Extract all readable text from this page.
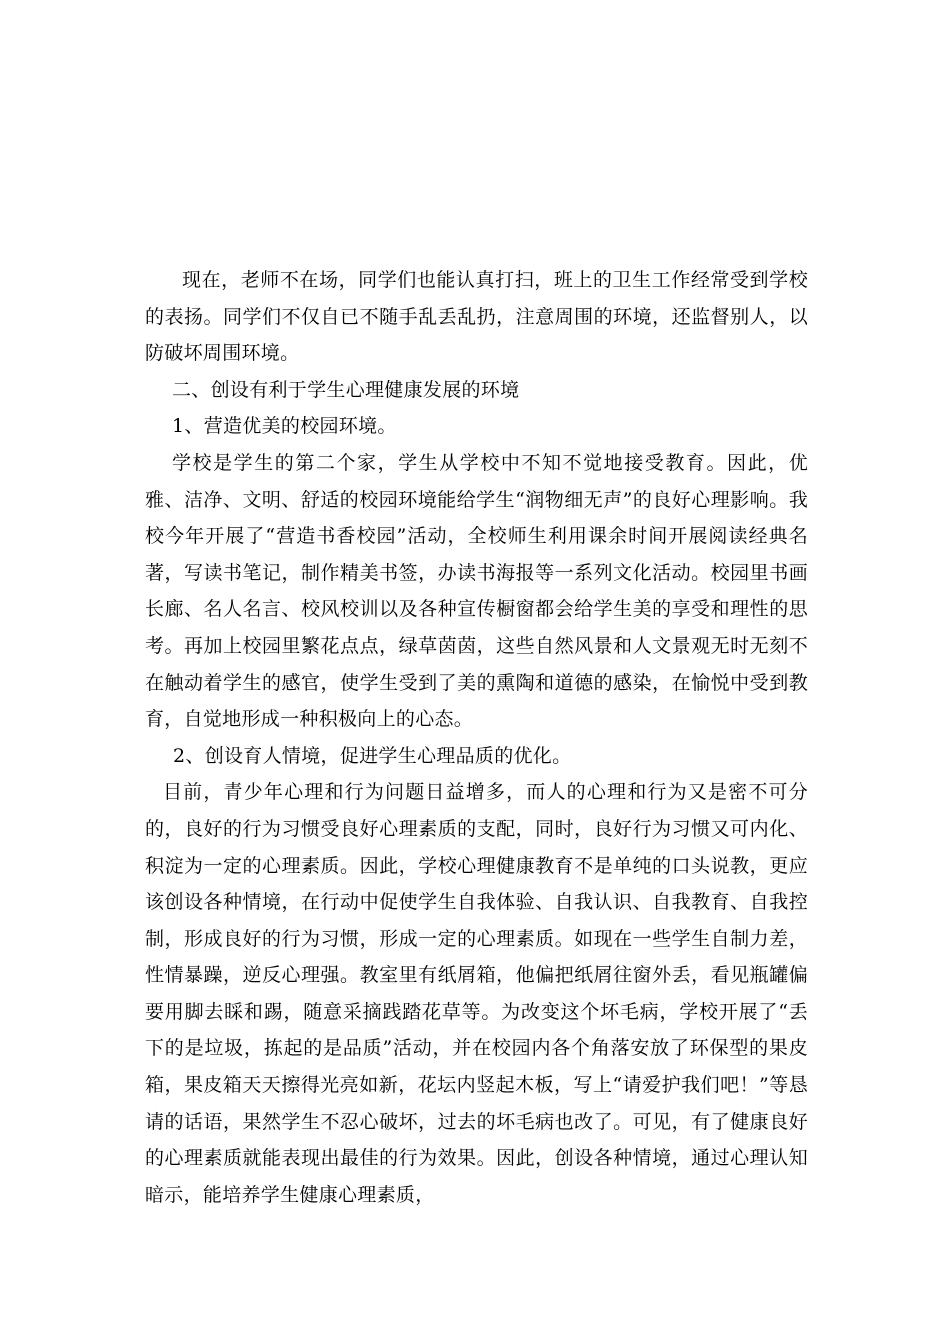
现在，老师不在场，同学们也能认真打扫，班上的卫生工作经常受到学校的表扬。同学们不仅自已不随手乱丢乱扔，注意周围的环境，还监督别人，以防破坏周围环境。

二、创设有利于学生心理健康发展的环境

1、营造优美的校园环境。

学校是学生的第二个家，学生从学校中不知不觉地接受教育。因此，优雅、洁净、文明、舒适的校园环境能给学生“润物细无声”的良好心理影响。我校今年开展了“营造书香校园”活动，全校师生利用课余时间开展阅读经典名著，写读书笔记，制作精美书签，办读书海报等一系列文化活动。校园里书画长廊、名人名言、校风校训以及各种宣传橱窗都会给学生美的享受和理性的思考。再加上校园里繁花点点，绿草茵茵，这些自然风景和人文景观无时无刻不在触动着学生的感官，使学生受到了美的熏陶和道德的感染，在愉悦中受到教育，自觉地形成一种积极向上的心态。

2、创设育人情境，促进学生心理品质的优化。

目前，青少年心理和行为问题日益增多，而人的心理和行为又是密不可分的，良好的行为习惯受良好心理素质的支配，同时，良好行为习惯又可内化、积淀为一定的心理素质。因此，学校心理健康教育不是单纯的口头说教，更应该创设各种情境，在行动中促使学生自我体验、自我认识、自我教育、自我控制，形成良好的行为习惯，形成一定的心理素质。如现在一些学生自制力差，性情暴躁，逆反心理强。教室里有纸屑箱，他偏把纸屑往窗外丢，看见瓶罐偏要用脚去睬和踢，随意采摘践踏花草等。为改变这个坏毛病，学校开展了“丢下的是垃圾，拣起的是品质”活动，并在校园内各个角落安放了环保型的果皮箱，果皮箱天天擦得光亮如新，花坛内竖起木板，写上“请爱护我们吧！”等恳请的话语，果然学生不忍心破坏，过去的坏毛病也改了。可见，有了健康良好的心理素质就能表现出最佳的行为效果。因此，创设各种情境，通过心理认知暗示，能培养学生健康心理素质，
